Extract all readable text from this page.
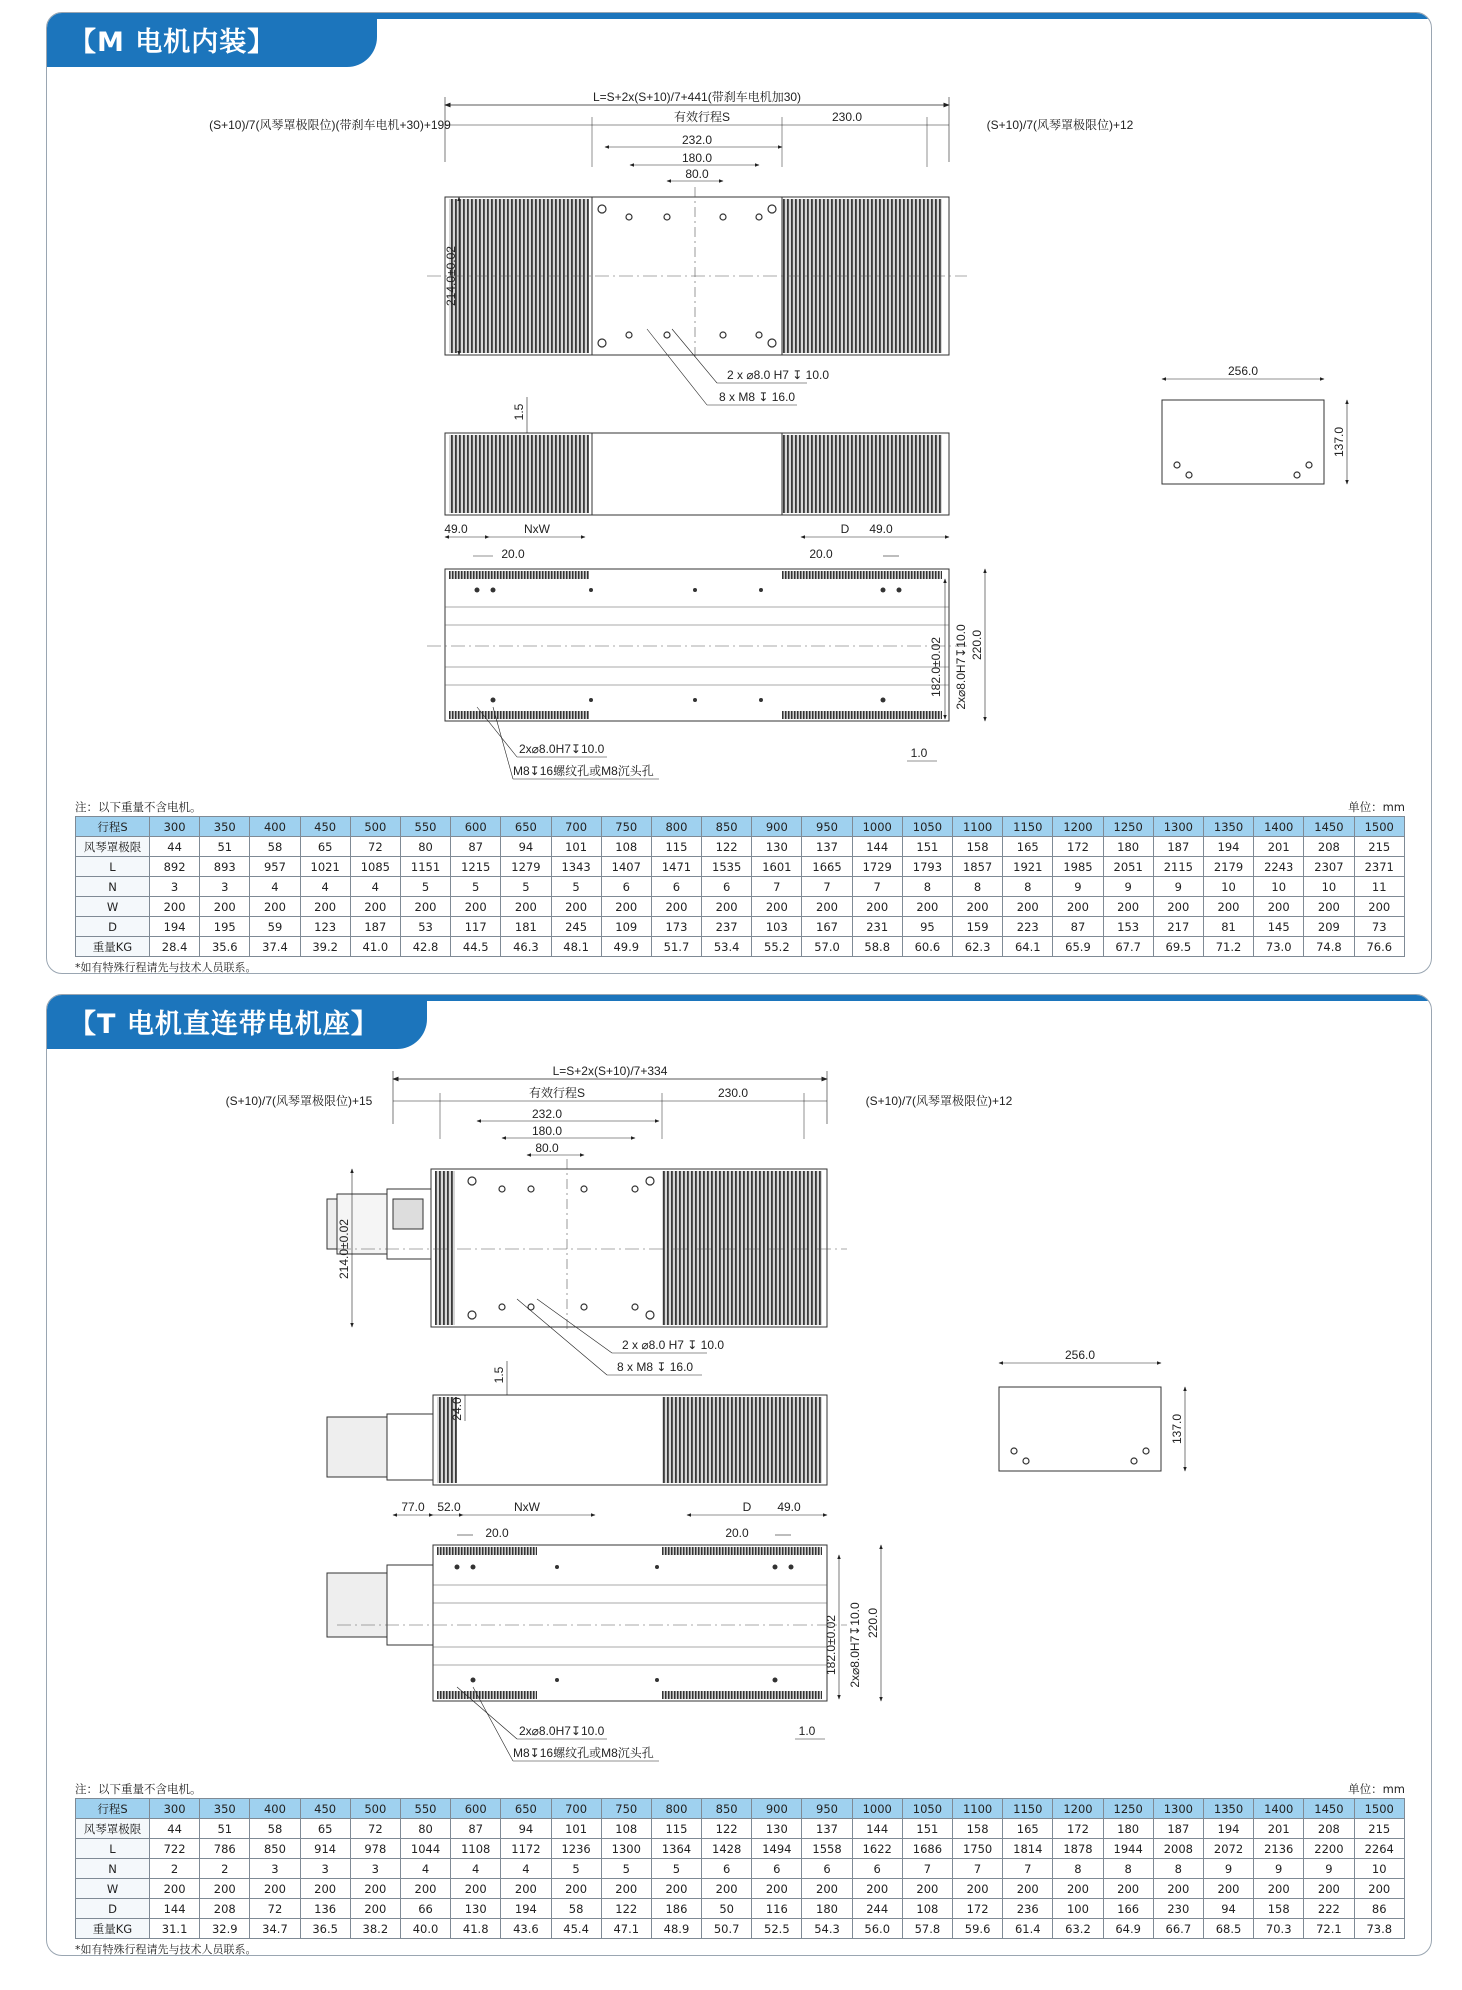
【M 电机内装】
L=S+2x(S+10)/7+441(带刹车电机加30)
(S+10)/7(风琴罩极限位)(带刹车电机+30)+199	(S+10)/7(风琴罩极限位)+12
有效行程S	230.0
232.0
180.0
80.0
214.0±0.02
2 x ⌀8.0 H7 ↧ 10.0
8 x M8 ↧ 16.0
1.5
256.0
137.0
49.0	NxW
20.0
D 49.0
20.0
182.0±0.02 2x⌀8.0H7↧10.0 220.0
1.0
2x⌀8.0H7↧10.0
M8↧16螺纹孔或M8沉头孔
注：以下重量不含电机。	单位：mm
行程S	300	350	400	450	500	550	600	650	700	750	800	850	900	950	1000	1050	1100	1150	1200	1250	1300	1350	1400	1450	1500
风琴罩极限	44	51	58	65	72	80	87	94	101	108	115	122	130	137	144	151	158	165	172	180	187	194	201	208	215
L	892	893	957	1021	1085	1151	1215	1279	1343	1407	1471	1535	1601	1665	1729	1793	1857	1921	1985	2051	2115	2179	2243	2307	2371
N	3	3	4	4	4	5	5	5	5	6	6	6	7	7	7	8	8	8	9	9	9	10	10	10	11
W	200	200	200	200	200	200	200	200	200	200	200	200	200	200	200	200	200	200	200	200	200	200	200	200	200
D	194	195	59	123	187	53	117	181	245	109	173	237	103	167	231	95	159	223	87	153	217	81	145	209	73
重量KG	28.4	35.6	37.4	39.2	41.0	42.8	44.5	46.3	48.1	49.9	51.7	53.4	55.2	57.0	58.8	60.6	62.3	64.1	65.9	67.7	69.5	71.2	73.0	74.8	76.6
*如有特殊行程请先与技术人员联系。
【T 电机直连带电机座】
L=S+2x(S+10)/7+334
(S+10)/7(风琴罩极限位)+15	(S+10)/7(风琴罩极限位)+12
有效行程S	230.0
232.0
180.0
80.0
214.0±0.02
2 x ⌀8.0 H7 ↧ 10.0
8 x M8 ↧ 16.0
1.5
24.0
256.0
137.0
77.0 52.0	NxW
20.0
D 49.0
20.0
182.0±0.02 2x⌀8.0H7↧10.0 220.0
1.0
2x⌀8.0H7↧10.0
M8↧16螺纹孔或M8沉头孔
注：以下重量不含电机。	单位：mm
行程S	300	350	400	450	500	550	600	650	700	750	800	850	900	950	1000	1050	1100	1150	1200	1250	1300	1350	1400	1450	1500
风琴罩极限	44	51	58	65	72	80	87	94	101	108	115	122	130	137	144	151	158	165	172	180	187	194	201	208	215
L	722	786	850	914	978	1044	1108	1172	1236	1300	1364	1428	1494	1558	1622	1686	1750	1814	1878	1944	2008	2072	2136	2200	2264
N	2	2	3	3	3	4	4	4	5	5	5	6	6	6	6	7	7	7	8	8	8	9	9	9	10
W	200	200	200	200	200	200	200	200	200	200	200	200	200	200	200	200	200	200	200	200	200	200	200	200	200
D	144	208	72	136	200	66	130	194	58	122	186	50	116	180	244	108	172	236	100	166	230	94	158	222	86
重量KG	31.1	32.9	34.7	36.5	38.2	40.0	41.8	43.6	45.4	47.1	48.9	50.7	52.5	54.3	56.0	57.8	59.6	61.4	63.2	64.9	66.7	68.5	70.3	72.1	73.8
*如有特殊行程请先与技术人员联系。
